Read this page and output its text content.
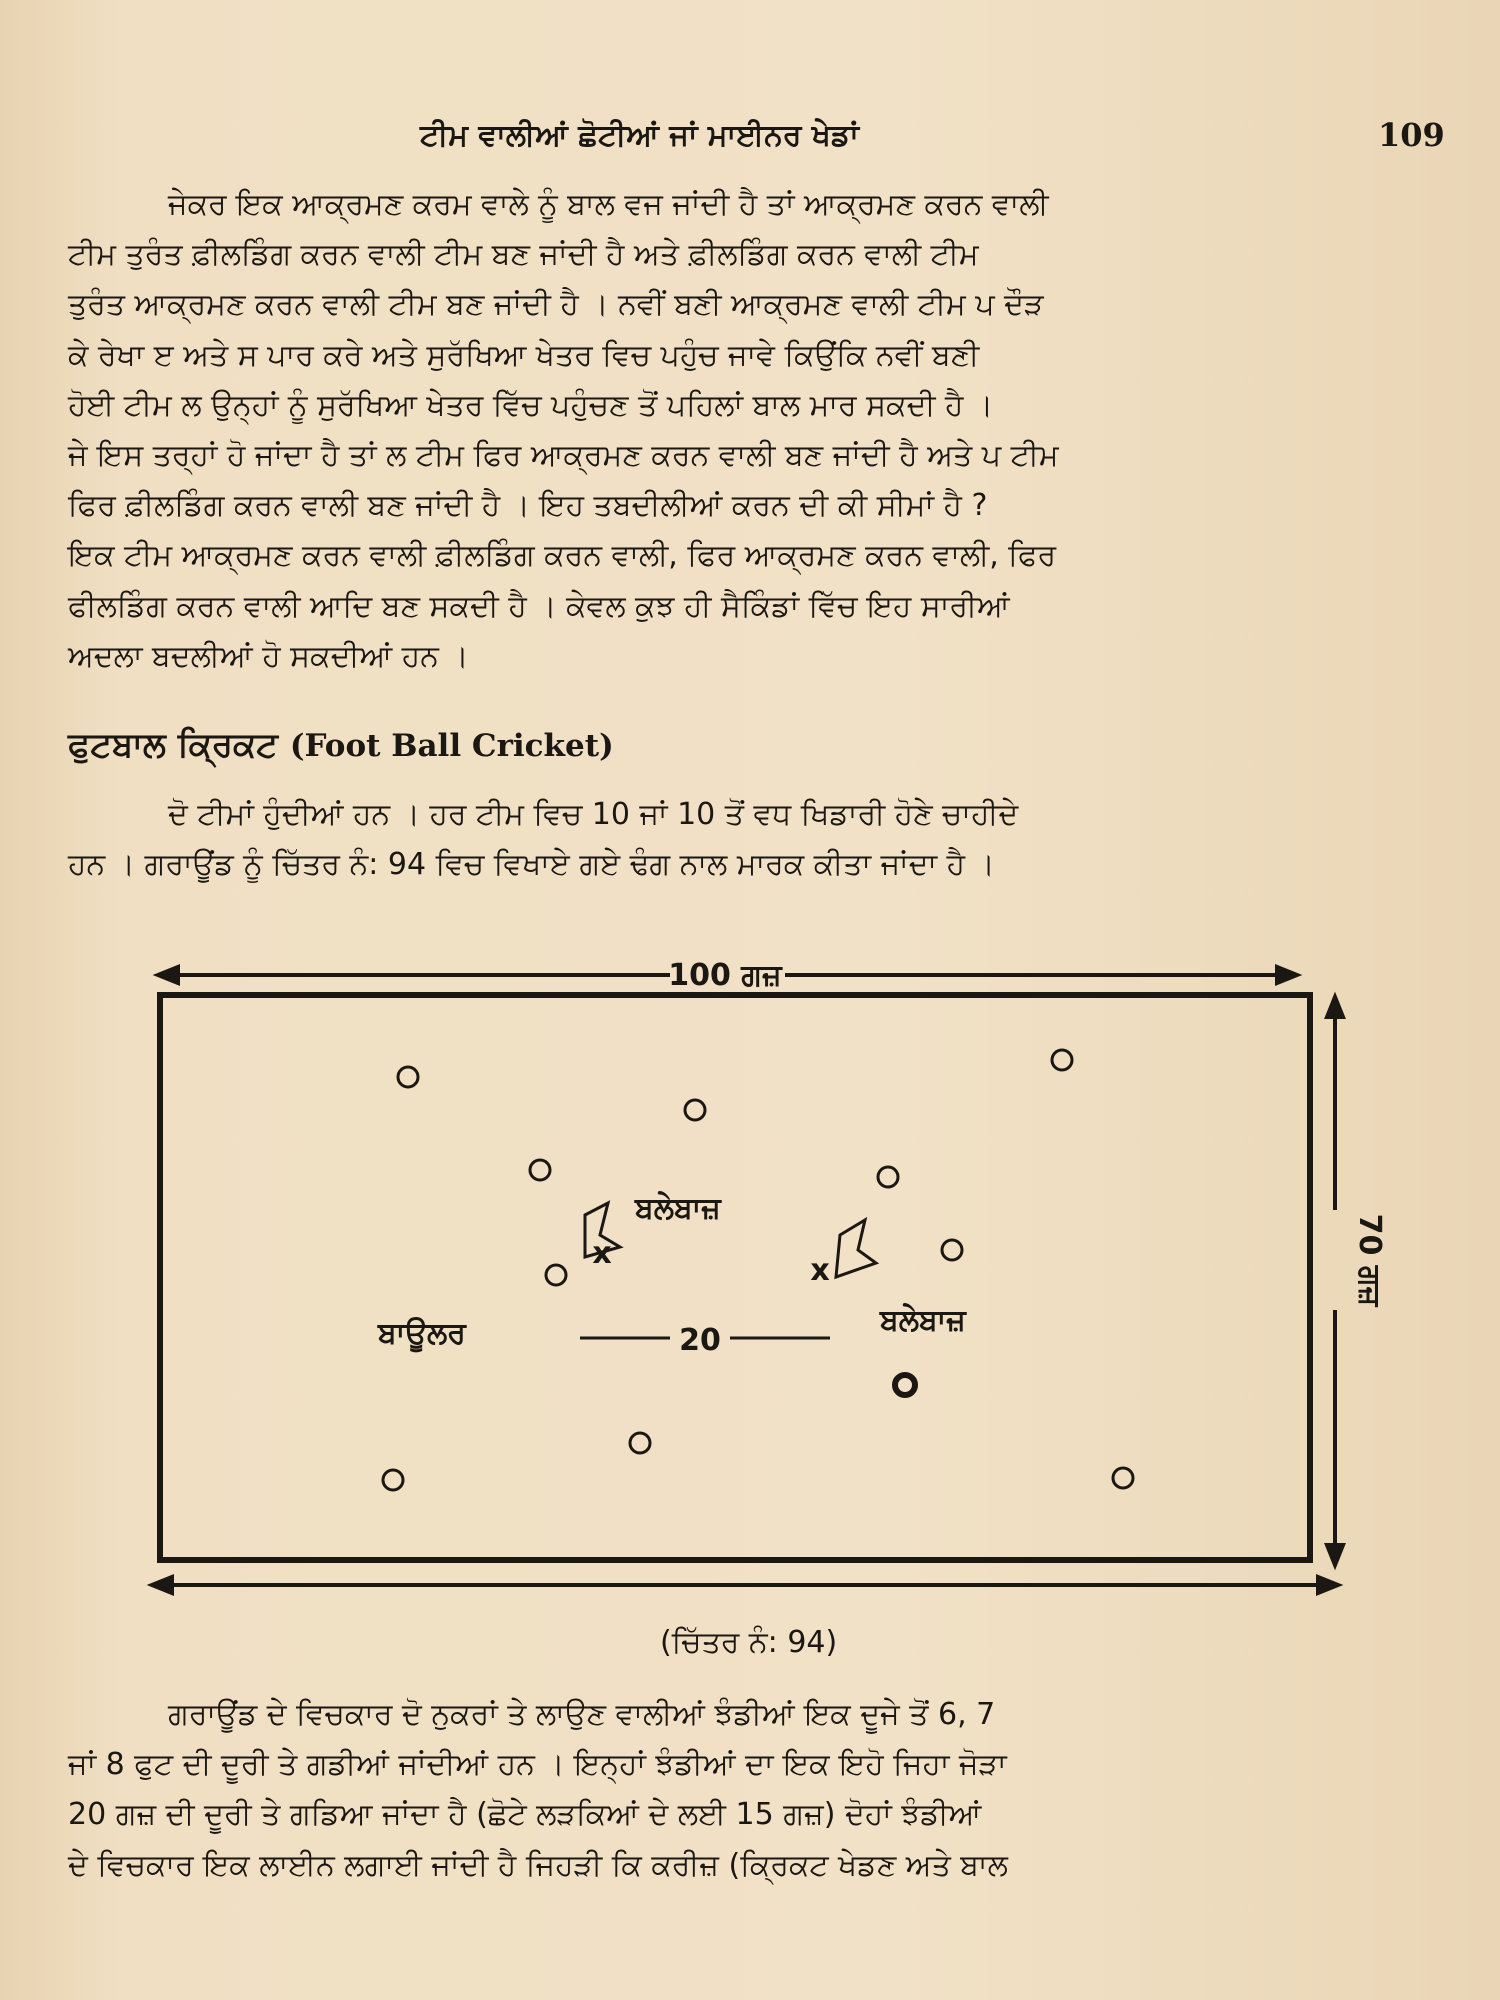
ਟੀਮ ਵਾਲੀਆਂ ਛੋਟੀਆਂ ਜਾਂ ਮਾਈਨਰ ਖੇਡਾਂ	109
ਜੇਕਰ ਇਕ ਆਕ੍ਰਮਣ ਕਰਮ ਵਾਲੇ ਨੂੰ ਬਾਲ ਵਜ ਜਾਂਦੀ ਹੈ ਤਾਂ ਆਕ੍ਰਮਣ ਕਰਨ ਵਾਲੀ
ਟੀਮ ਤੁਰੰਤ ਫ਼ੀਲਡਿੰਗ ਕਰਨ ਵਾਲੀ ਟੀਮ ਬਣ ਜਾਂਦੀ ਹੈ ਅਤੇ ਫ਼ੀਲਡਿੰਗ ਕਰਨ ਵਾਲੀ ਟੀਮ
ਤੁਰੰਤ ਆਕ੍ਰਮਣ ਕਰਨ ਵਾਲੀ ਟੀਮ ਬਣ ਜਾਂਦੀ ਹੈ । ਨਵੀਂ ਬਣੀ ਆਕ੍ਰਮਣ ਵਾਲੀ ਟੀਮ ਪ ਦੌੜ
ਕੇ ਰੇਖਾ ੲ ਅਤੇ ਸ ਪਾਰ ਕਰੇ ਅਤੇ ਸੁਰੱਖਿਆ ਖੇਤਰ ਵਿਚ ਪਹੁੰਚ ਜਾਵੇ ਕਿਉਂਕਿ ਨਵੀਂ ਬਣੀ
ਹੋਈ ਟੀਮ ਲ ਉਨ੍ਹਾਂ ਨੂੰ ਸੁਰੱਖਿਆ ਖੇਤਰ ਵਿੱਚ ਪਹੁੰਚਣ ਤੋਂ ਪਹਿਲਾਂ ਬਾਲ ਮਾਰ ਸਕਦੀ ਹੈ ।
ਜੇ ਇਸ ਤਰ੍ਹਾਂ ਹੋ ਜਾਂਦਾ ਹੈ ਤਾਂ ਲ ਟੀਮ ਫਿਰ ਆਕ੍ਰਮਣ ਕਰਨ ਵਾਲੀ ਬਣ ਜਾਂਦੀ ਹੈ ਅਤੇ ਪ ਟੀਮ
ਫਿਰ ਫ਼ੀਲਡਿੰਗ ਕਰਨ ਵਾਲੀ ਬਣ ਜਾਂਦੀ ਹੈ । ਇਹ ਤਬਦੀਲੀਆਂ ਕਰਨ ਦੀ ਕੀ ਸੀਮਾਂ ਹੈ ?
ਇਕ ਟੀਮ ਆਕ੍ਰਮਣ ਕਰਨ ਵਾਲੀ ਫ਼ੀਲਡਿੰਗ ਕਰਨ ਵਾਲੀ, ਫਿਰ ਆਕ੍ਰਮਣ ਕਰਨ ਵਾਲੀ, ਫਿਰ
ਫੀਲਡਿੰਗ ਕਰਨ ਵਾਲੀ ਆਦਿ ਬਣ ਸਕਦੀ ਹੈ । ਕੇਵਲ ਕੁਝ ਹੀ ਸੈਕਿੰਡਾਂ ਵਿੱਚ ਇਹ ਸਾਰੀਆਂ
ਅਦਲਾ ਬਦਲੀਆਂ ਹੋ ਸਕਦੀਆਂ ਹਨ ।
ਫੁਟਬਾਲ ਕ੍ਰਿਕਟ (Foot Ball Cricket)
ਦੋ ਟੀਮਾਂ ਹੁੰਦੀਆਂ ਹਨ । ਹਰ ਟੀਮ ਵਿਚ 10 ਜਾਂ 10 ਤੋਂ ਵਧ ਖਿਡਾਰੀ ਹੋਣੇ ਚਾਹੀਦੇ
ਹਨ । ਗਰਾਊਂਡ ਨੂੰ ਚਿੱਤਰ ਨੰ: 94 ਵਿਚ ਵਿਖਾਏ ਗਏ ਢੰਗ ਨਾਲ ਮਾਰਕ ਕੀਤਾ ਜਾਂਦਾ ਹੈ ।
100 ਗਜ਼
70 ਗਜ਼
x	x
ਬਲੇਬਾਜ਼
ਬਾਊਲਰ	ਬਲੇਬਾਜ਼
20
(ਚਿੱਤਰ ਨੰ: 94)
ਗਰਾਊਂਡ ਦੇ ਵਿਚਕਾਰ ਦੋ ਨੁਕਰਾਂ ਤੇ ਲਾਉਣ ਵਾਲੀਆਂ ਝੰਡੀਆਂ ਇਕ ਦੂਜੇ ਤੋਂ 6, 7
ਜਾਂ 8 ਫੁਟ ਦੀ ਦੂਰੀ ਤੇ ਗਡੀਆਂ ਜਾਂਦੀਆਂ ਹਨ । ਇਨ੍ਹਾਂ ਝੰਡੀਆਂ ਦਾ ਇਕ ਇਹੋ ਜਿਹਾ ਜੋੜਾ
20 ਗਜ਼ ਦੀ ਦੂਰੀ ਤੇ ਗਡਿਆ ਜਾਂਦਾ ਹੈ (ਛੋਟੇ ਲੜਕਿਆਂ ਦੇ ਲਈ 15 ਗਜ਼) ਦੋਹਾਂ ਝੰਡੀਆਂ
ਦੇ ਵਿਚਕਾਰ ਇਕ ਲਾਈਨ ਲਗਾਈ ਜਾਂਦੀ ਹੈ ਜਿਹੜੀ ਕਿ ਕਰੀਜ਼ (ਕ੍ਰਿਕਟ ਖੇਡਣ ਅਤੇ ਬਾਲ
